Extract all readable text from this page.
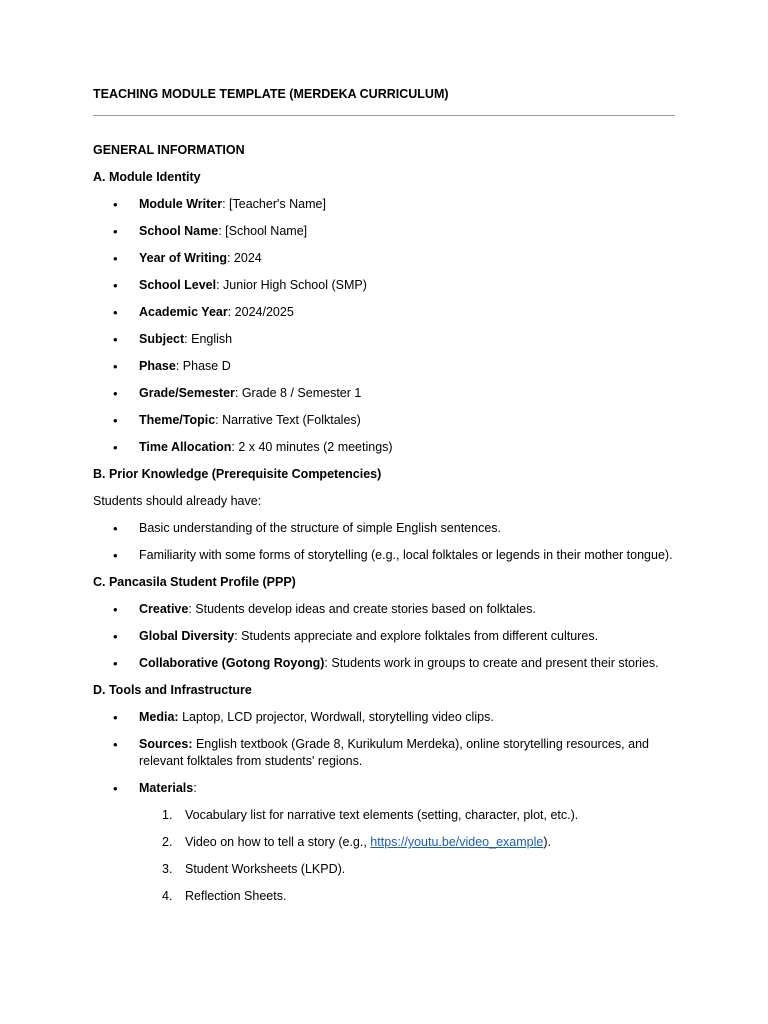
TEACHING MODULE TEMPLATE (MERDEKA CURRICULUM)

GENERAL INFORMATION

A. Module Identity

• Module Writer: [Teacher's Name]
• School Name: [School Name]
• Year of Writing: 2024
• School Level: Junior High School (SMP)
• Academic Year: 2024/2025
• Subject: English
• Phase: Phase D
• Grade/Semester: Grade 8 / Semester 1
• Theme/Topic: Narrative Text (Folktales)
• Time Allocation: 2 x 40 minutes (2 meetings)

B. Prior Knowledge (Prerequisite Competencies)

Students should already have:

• Basic understanding of the structure of simple English sentences.
• Familiarity with some forms of storytelling (e.g., local folktales or legends in their mother tongue).

C. Pancasila Student Profile (PPP)

• Creative: Students develop ideas and create stories based on folktales.
• Global Diversity: Students appreciate and explore folktales from different cultures.
• Collaborative (Gotong Royong): Students work in groups to create and present their stories.

D. Tools and Infrastructure

• Media: Laptop, LCD projector, Wordwall, storytelling video clips.
• Sources: English textbook (Grade 8, Kurikulum Merdeka), online storytelling resources, and relevant folktales from students' regions.
• Materials:
1. Vocabulary list for narrative text elements (setting, character, plot, etc.).
2. Video on how to tell a story (e.g., https://youtu.be/video_example).
3. Student Worksheets (LKPD).
4. Reflection Sheets.
